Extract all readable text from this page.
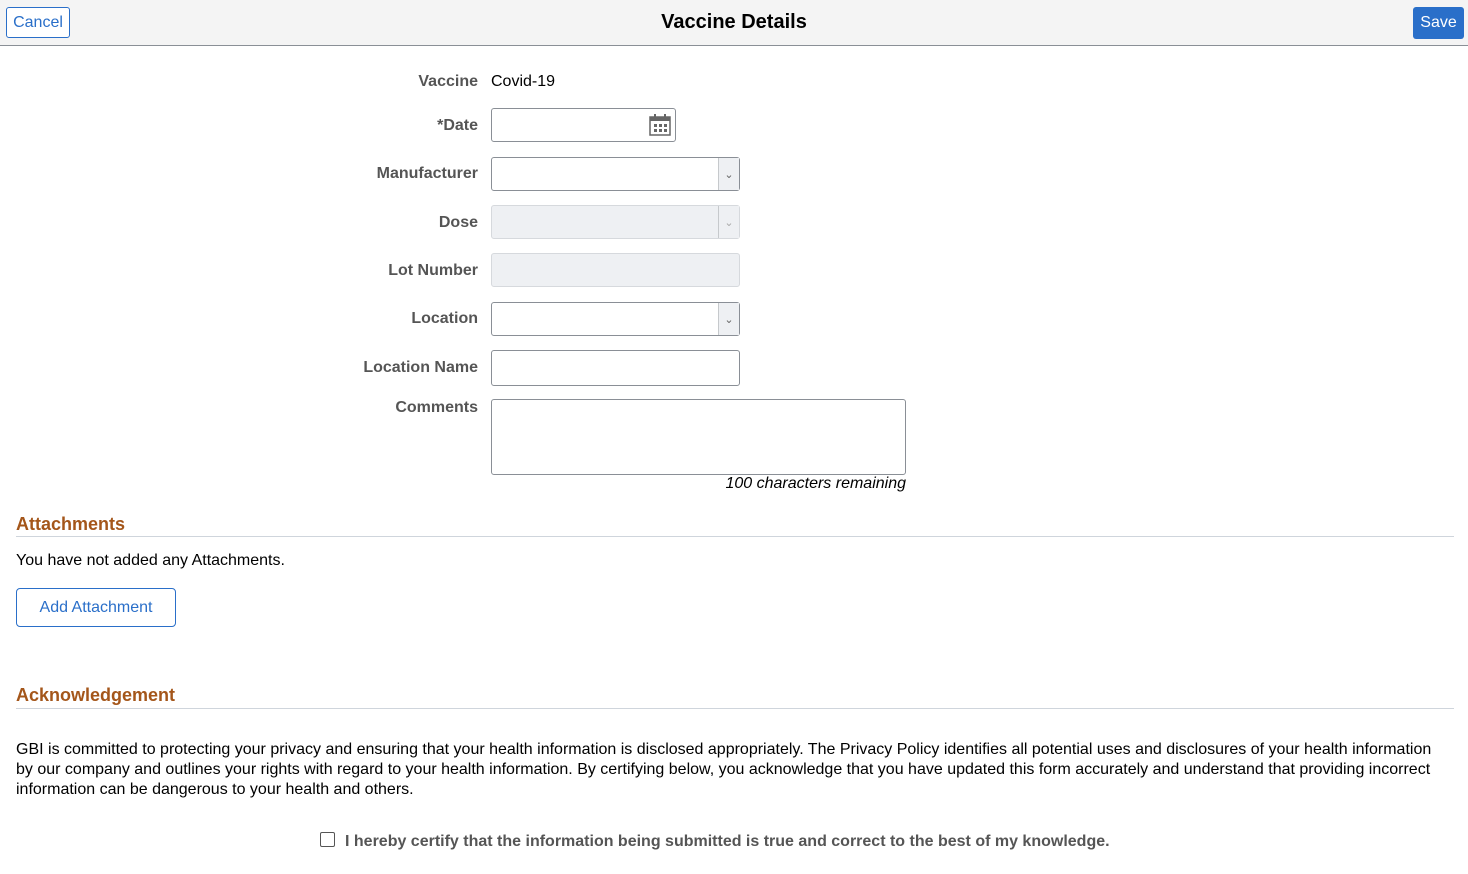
Cancel	Vaccine Details	Save
Vaccine Covid-19
*Date
Manufacturer	⌄
Dose	⌄
Lot Number
Location	⌄
Location Name
Comments
100 characters remaining
Attachments
You have not added any Attachments.
Add Attachment
Acknowledgement
GBI is committed to protecting your privacy and ensuring that your health information is disclosed appropriately. The Privacy Policy identifies all potential uses and disclosures of your health information by our company and outlines your rights with regard to your health information. By certifying below, you acknowledge that you have updated this form accurately and understand that providing incorrect information can be dangerous to your health and others.
I hereby certify that the information being submitted is true and correct to the best of my knowledge.
